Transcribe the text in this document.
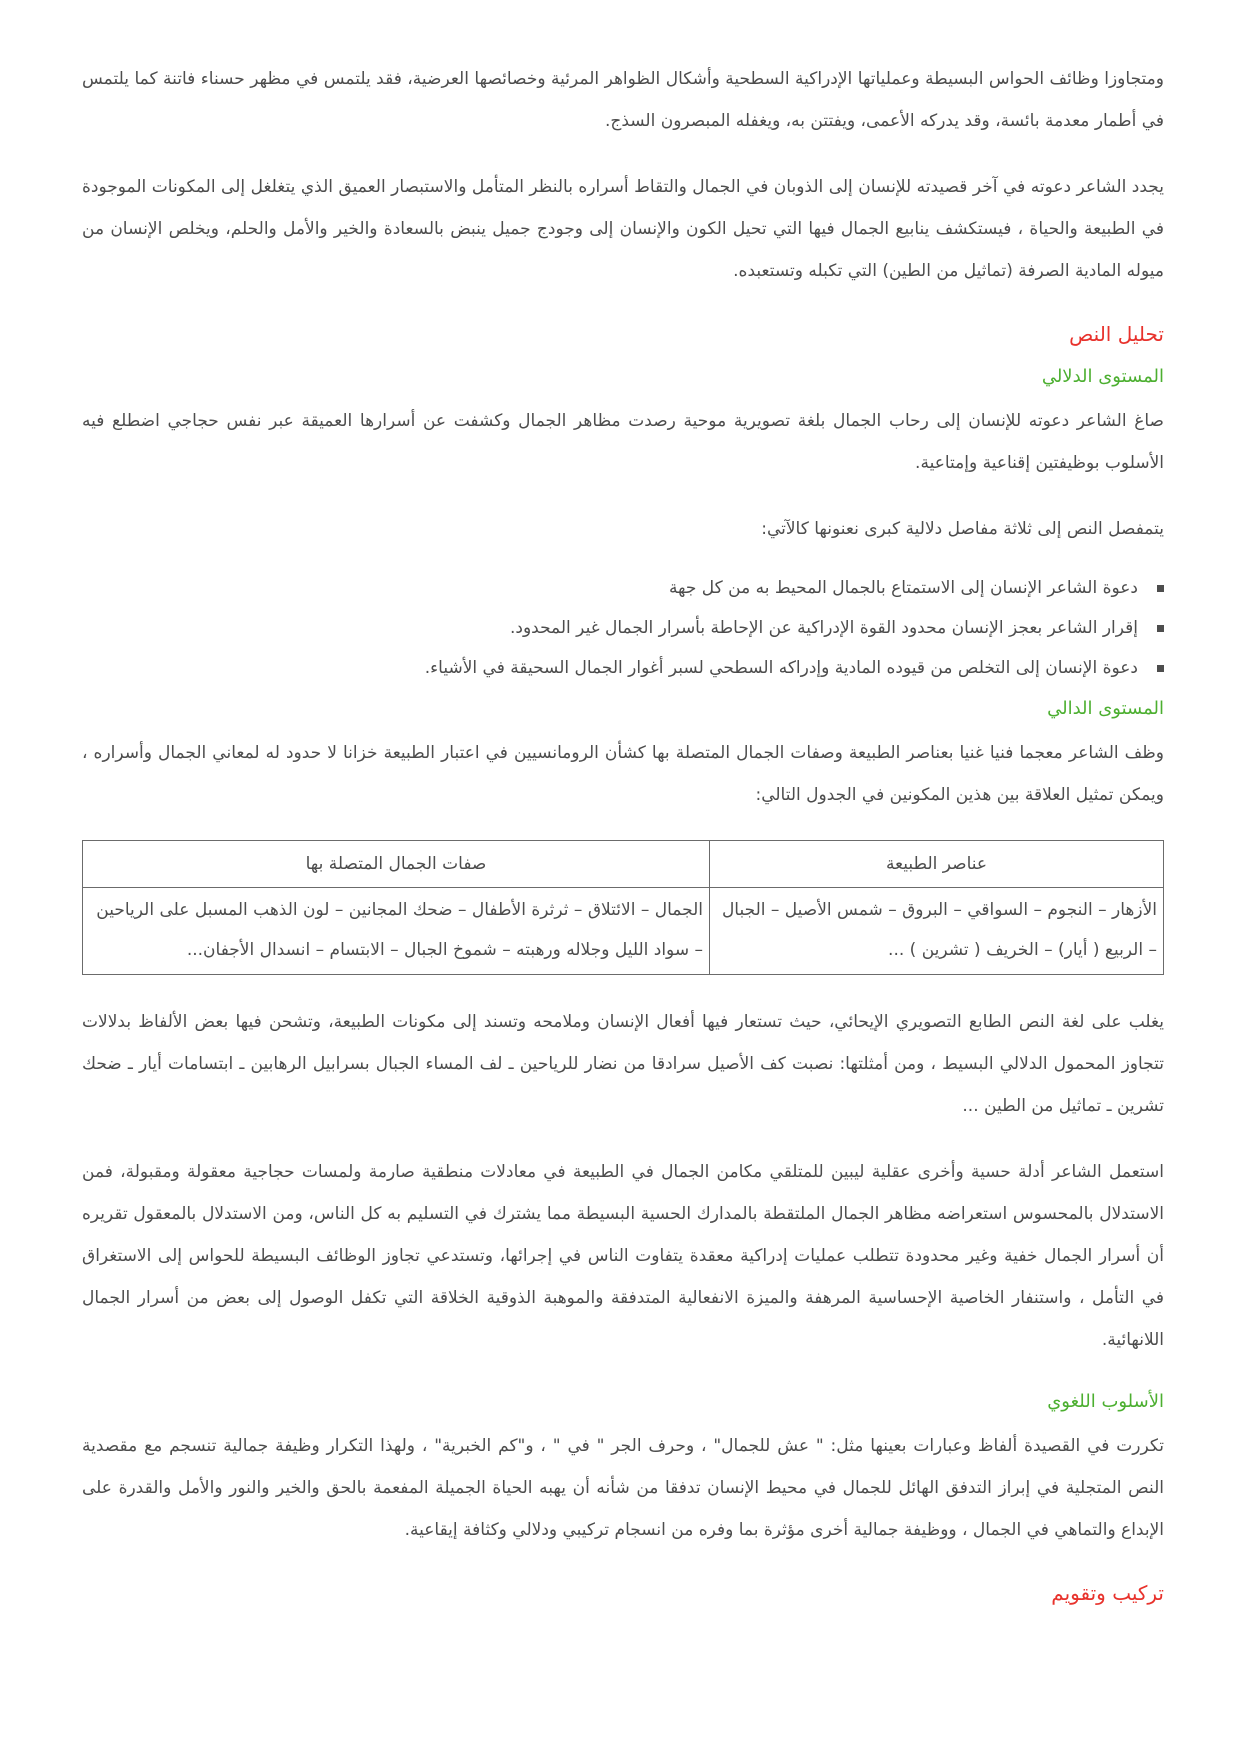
ومتجاوزا وظائف الحواس البسيطة وعملياتها الإدراكية السطحية وأشكال الظواهر المرئية وخصائصها العرضية، فقد يلتمس في مظهر حسناء فاتنة كما يلتمس في أطمار معدمة بائسة، وقد يدركه الأعمى، ويفتتن به، ويغفله المبصرون السذج.

يجدد الشاعر دعوته في آخر قصيدته للإنسان إلى الذوبان في الجمال والتقاط أسراره بالنظر المتأمل والاستبصار العميق الذي يتغلغل إلى المكونات الموجودة في الطبيعة والحياة ، فيستكشف ينابيع الجمال فيها التي تحيل الكون والإنسان إلى وجودج جميل ينبض بالسعادة والخير والأمل والحلم، ويخلص الإنسان من ميوله المادية الصرفة (تماثيل من الطين) التي تكبله وتستعبده.

تحليل النص
المستوى الدلالي

صاغ الشاعر دعوته للإنسان إلى رحاب الجمال بلغة تصويرية موحية رصدت مظاهر الجمال وكشفت عن أسرارها العميقة عبر نفس حجاجي اضطلع فيه الأسلوب بوظيفتين إقناعية وإمتاعية.

يتمفصل النص إلى ثلاثة مفاصل دلالية كبرى نعنونها كالآتي:

دعوة الشاعر الإنسان إلى الاستمتاع بالجمال المحيط به من كل جهة
إقرار الشاعر بعجز الإنسان محدود القوة الإدراكية عن الإحاطة بأسرار الجمال غير المحدود.
دعوة الإنسان إلى التخلص من قيوده المادية وإدراكه السطحي لسبر أغوار الجمال السحيقة في الأشياء.
المستوى الدالي

وظف الشاعر معجما فنيا غنيا بعناصر الطبيعة وصفات الجمال المتصلة بها كشأن الرومانسيين في اعتبار الطبيعة خزانا لا حدود له لمعاني الجمال وأسراره ، ويمكن تمثيل العلاقة بين هذين المكونين في الجدول التالي:

عناصر الطبيعة	صفات الجمال المتصلة بها
الأزهار – النجوم – السواقي – البروق – شمس الأصيل – الجبال – الربيع ( أيار) – الخريف ( تشرين ) ...	الجمال – الائتلاق – ثرثرة الأطفال – ضحك المجانين – لون الذهب المسبل على الرياحين – سواد الليل وجلاله ورهبته – شموخ الجبال – الابتسام – انسدال الأجفان...

يغلب على لغة النص الطابع التصويري الإيحائي، حيث تستعار فيها أفعال الإنسان وملامحه وتسند إلى مكونات الطبيعة، وتشحن فيها بعض الألفاظ بدلالات تتجاوز المحمول الدلالي البسيط ، ومن أمثلتها: نصبت كف الأصيل سرادقا من نضار للرياحين ـ لف المساء الجبال بسرابيل الرهابين ـ ابتسامات أيار ـ ضحك تشرين ـ تماثيل من الطين ...

استعمل الشاعر أدلة حسية وأخرى عقلية ليبين للمتلقي مكامن الجمال في الطبيعة في معادلات منطقية صارمة ولمسات حجاجية معقولة ومقبولة، فمن الاستدلال بالمحسوس استعراضه مظاهر الجمال الملتقطة بالمدارك الحسية البسيطة مما يشترك في التسليم به كل الناس، ومن الاستدلال بالمعقول تقريره أن أسرار الجمال خفية وغير محدودة تتطلب عمليات إدراكية معقدة يتفاوت الناس في إجرائها، وتستدعي تجاوز الوظائف البسيطة للحواس إلى الاستغراق في التأمل ، واستنفار الخاصية الإحساسية المرهفة والميزة الانفعالية المتدفقة والموهبة الذوقية الخلاقة التي تكفل الوصول إلى بعض من أسرار الجمال اللانهائية.

الأسلوب اللغوي

تكررت في القصيدة ألفاظ وعبارات بعينها مثل: " عش للجمال" ، وحرف الجر " في " ، و"كم الخبرية" ، ولهذا التكرار وظيفة جمالية تنسجم مع مقصدية النص المتجلية في إبراز التدفق الهائل للجمال في محيط الإنسان تدفقا من شأنه أن يهبه الحياة الجميلة المفعمة بالحق والخير والنور والأمل والقدرة على الإبداع والتماهي في الجمال ، ووظيفة جمالية أخرى مؤثرة بما وفره من انسجام تركيبي ودلالي وكثافة إيقاعية.

تركيب وتقويم
